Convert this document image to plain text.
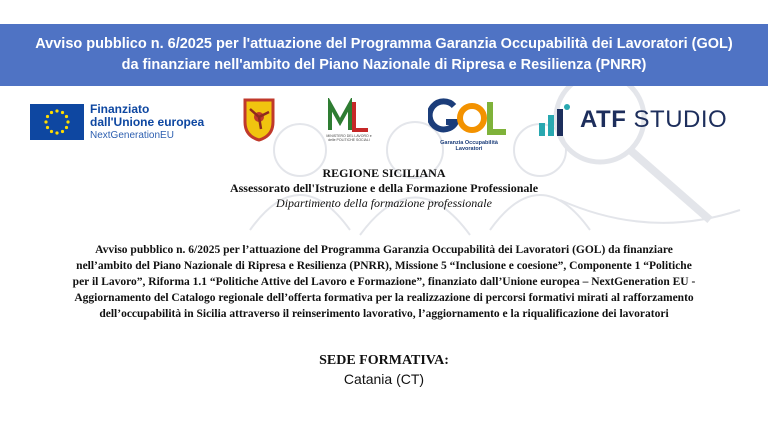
Avviso pubblico n. 6/2025 per l'attuazione del Programma Garanzia Occupabilità dei Lavoratori (GOL)
da finanziare nell'ambito del Piano Nazionale di Ripresa e Resilienza (PNRR)
Finanziato
dall'Unione europea
NextGenerationEU	MINISTERO DEL LAVORO e delle POLITICHE SOCIALI	Garanzia Occupabilità Lavoratori
ATF STUDIO
REGIONE SICILIANA
Assessorato dell'Istruzione e della Formazione Professionale
Dipartimento della formazione professionale
Avviso pubblico n. 6/2025 per l’attuazione del Programma Garanzia Occupabilità dei Lavoratori (GOL) da finanziare
nell’ambito del Piano Nazionale di Ripresa e Resilienza (PNRR), Missione 5 “Inclusione e coesione”, Componente 1 “Politiche
per il Lavoro”, Riforma 1.1 “Politiche Attive del Lavoro e Formazione”, finanziato dall’Unione europea – NextGeneration EU -
Aggiornamento del Catalogo regionale dell’offerta formativa per la realizzazione di percorsi formativi mirati al rafforzamento
dell’occupabilità in Sicilia attraverso il reinserimento lavorativo, l’aggiornamento e la riqualificazione dei lavoratori
SEDE FORMATIVA:
Catania (CT)
